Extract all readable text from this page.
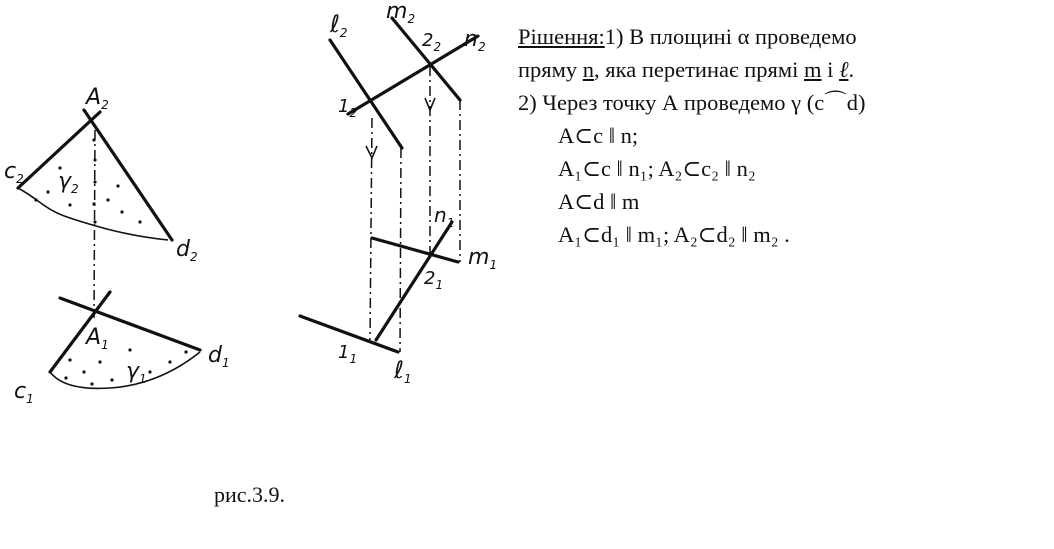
$A_2$
$c_2$ $\gamma_2$
$d_2$
$A_1$
$c_1$
$\gamma_1$
$d_1$
ℓ$_2$
$m_2$
$n_2$
$2_2$
$1_2$
$n_1$
$m_1$
$2_1$
$1_1$ ℓ$_1$
Рішення:1) В площині α проведемо
пряму n, яка перетинає прямі m і ℓ.
2) Через точку А проведемо γ (c⌒d)
A⊂c ǁ n;
A₁⊂c ǁ n₁; A₂⊂c₂ ǁ n₂
A⊂d ǁ m
A₁⊂d₁ ǁ m₁; A₂⊂d₂ ǁ m₂ .
рис.3.9.
